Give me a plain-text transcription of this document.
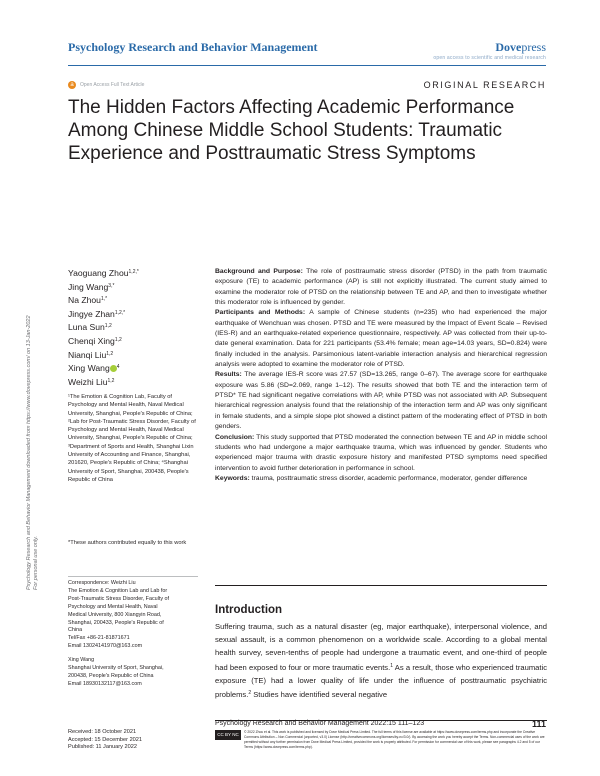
Psychology Research and Behavior Management	Dovepress
open access to scientific and medical research
a	Open Access Full Text Article	ORIGINAL RESEARCH
The Hidden Factors Affecting Academic Performance Among Chinese Middle School Students: Traumatic Experience and Posttraumatic Stress Symptoms
Psychology Research and Behavior Management downloaded from https://www.dovepress.com/ on 13-Jan-2022 For personal use only.
Yaoguang Zhou$^{1,2,*}$
Jing Wang$^{3,*}$
Na Zhou$^{1,*}$
Jingye Zhan$^{1,2,*}$
Luna Sun$^{1,2}$
Chenqi Xing$^{1,2}$
Nianqi Liu$^{1,2}$
Xing Wang $^4$
Weizhi Liu$^{1,2}$
¹The Emotion & Cognition Lab, Faculty of Psychology and Mental Health, Naval Medical University, Shanghai, People's Republic of China; ²Lab for Post-Traumatic Stress Disorder, Faculty of Psychology and Mental Health, Naval Medical University, Shanghai, People's Republic of China; ³Department of Sports and Health, Shanghai Lixin University of Accounting and Finance, Shanghai, 201620, People's Republic of China; ⁴Shanghai University of Sport, Shanghai, 200438, People's Republic of China
*These authors contributed equally to this work
Correspondence: Weizhi Liu
The Emotion & Cognition Lab and Lab for
Post-Traumatic Stress Disorder, Faculty of
Psychology and Mental Health, Naval
Medical University, 800 Xiangyin Road,
Shanghai, 200433, People's Republic of
China
Tel/Fax +86-21-81871671
Email 13024141970@163.com
Xing Wang
Shanghai University of Sport, Shanghai,
200438, People's Republic of China
Email 18930132117@163.com

Background and Purpose: The role of posttraumatic stress disorder (PTSD) in the path from traumatic exposure (TE) to academic performance (AP) is still not explicitly illustrated. The current study aimed to examine the moderator role of PTSD on the relationship between TE and AP, and then to investigate whether this moderator role is influenced by gender.

Participants and Methods: A sample of Chinese students (n=235) who had experienced the major earthquake of Wenchuan was chosen. PTSD and TE were measured by the Impact of Event Scale – Revised (IES-R) and an earthquake-related experience questionnaire, respectively. AP was collected from their up-to-date general examination. Data for 221 participants (53.4% female; mean age=14.03 years, SD=0.824) were finally included in the analysis. Parsimonious latent-variable interaction analysis and hierarchical regression analysis were adopted to examine the moderator role of PTSD.

Results: The average IES-R score was 27.57 (SD=13.265, range 0–67). The average score for earthquake exposure was 5.86 (SD=2.069, range 1–12). The results showed that both TE and the interaction term of PTSD* TE had significant negative correlations with AP, while PTSD was not associated with AP. Subsequent hierarchical regression analysis found that the relationship of the interaction term and AP was only significant in female students, and a simple slope plot showed a distinct pattern of the moderating effect of PTSD in both genders.

Conclusion: This study supported that PTSD moderated the connection between TE and AP in middle school students who had undergone a major earthquake trauma, which was influenced by gender. Students who experienced major trauma with drastic exposure history and manifested PTSD symptoms need specified intervention to avoid further deterioration in performance in school.

Keywords: trauma, posttraumatic stress disorder, academic performance, moderator, gender difference

Introduction
Suffering trauma, such as a natural disaster (eg, major earthquake), interpersonal violence, and sexual assault, is a common phenomenon on a worldwide scale. According to a global mental health survey, seven-tenths of people had undergone a traumatic event, and one-third of people had been exposed to four or more traumatic events.$^1$ As a result, those who experienced traumatic exposure (TE) had a lower quality of life under the influence of posttraumatic psychiatric problems.$^2$ Studies have identified several negative
Received: 18 October 2021
Accepted: 15 December 2021
Published: 11 January 2022
Psychology Research and Behavior Management 2022:15 111–123	111
CC BY NC	© 2022 Zhou et al. This work is published and licensed by Dove Medical Press Limited. The full terms of this license are available at https://www.dovepress.com/terms.php and incorporate the Creative Commons Attribution – Non Commercial (unported, v3.0) License (http://creativecommons.org/licenses/by-nc/3.0/). By accessing the work you hereby accept the Terms. Non-commercial uses of the work are permitted without any further permission from Dove Medical Press Limited, provided the work is properly attributed. For permission for commercial use of this work, please see paragraphs 4.2 and 5 of our Terms (https://www.dovepress.com/terms.php).
